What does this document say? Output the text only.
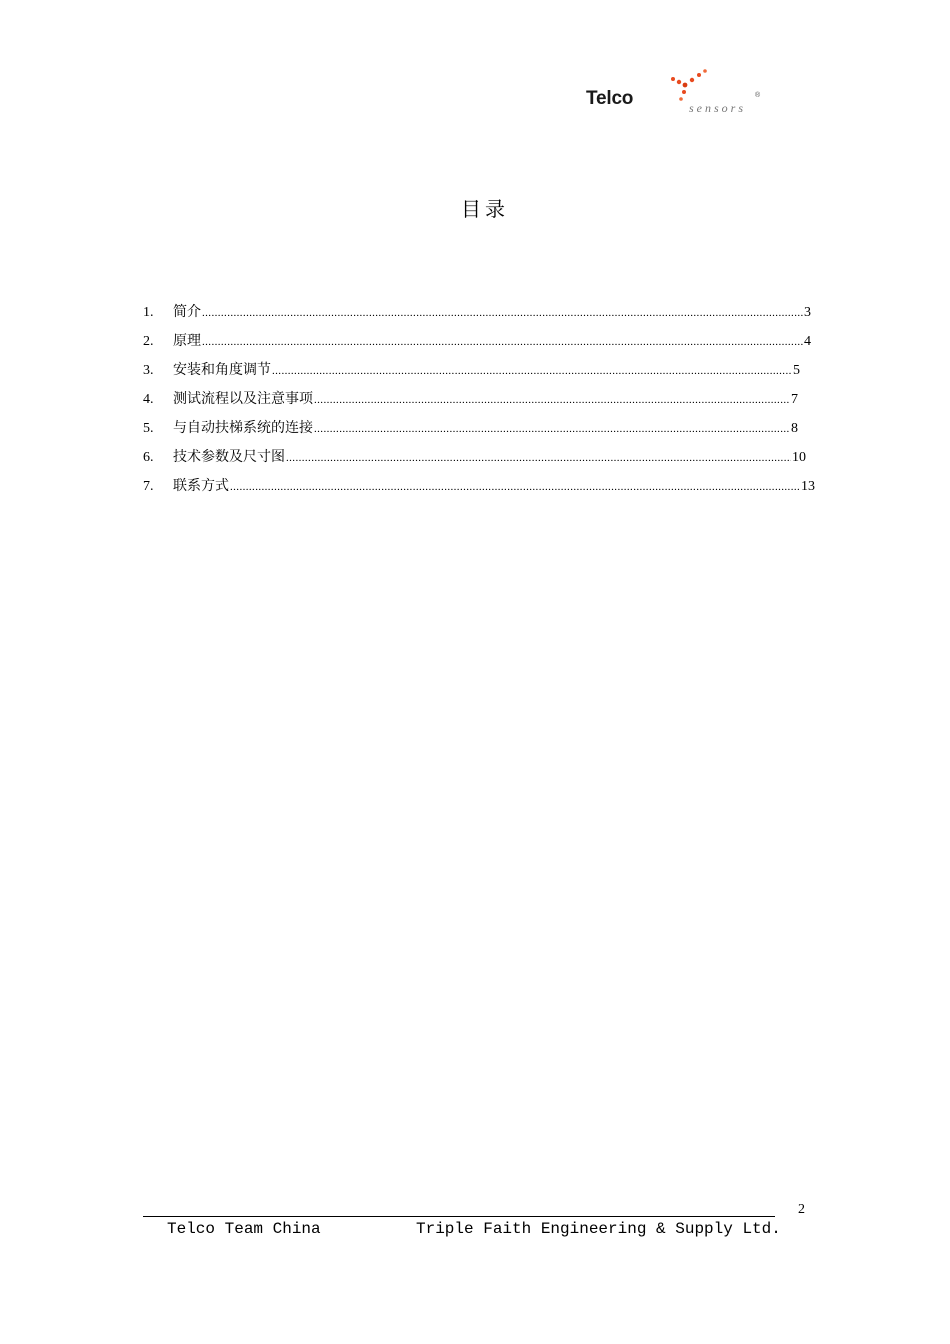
Telco	sensors
®
目录
1.	简介 .....	3
2.	原理 .....	4
3.	安装和角度调节 .....	5
4.	测试流程以及注意事项 .....	7
5.	与自动扶梯系统的连接 .....	8
6.	技术参数及尺寸图 .....	10
7.	联系方式 .....	13
2
Telco Team China	Triple Faith Engineering & Supply Ltd.
